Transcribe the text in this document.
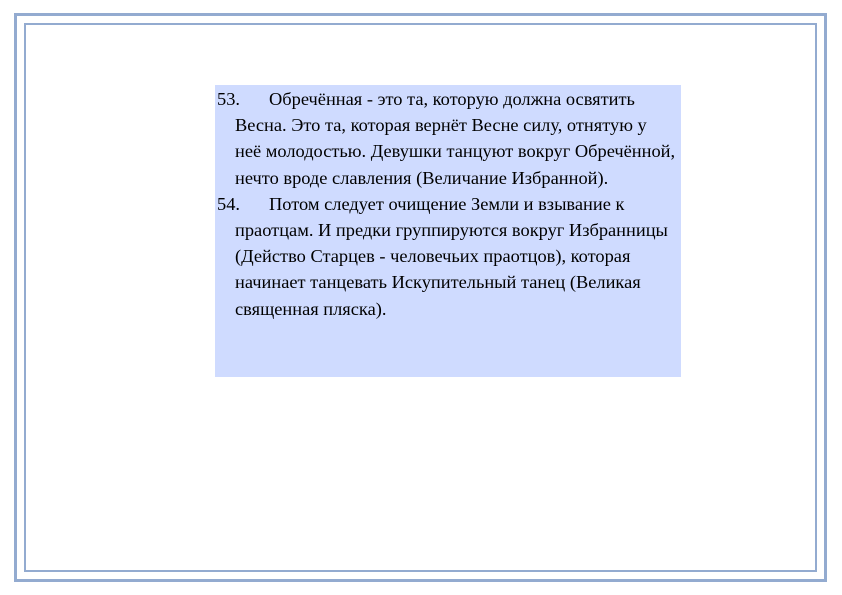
53. Обречённая - это та, которую должна освятить Весна. Это та, которая вернёт Весне силу, отнятую у неё молодостью. Девушки танцуют вокруг Обречённой, нечто вроде славления (Величание Избранной).
54. Потом следует очищение Земли и взывание к праотцам. И предки группируются вокруг Избранницы (Действо Старцев - человечьих праотцов), которая начинает танцевать Искупительный танец (Великая священная пляска).
